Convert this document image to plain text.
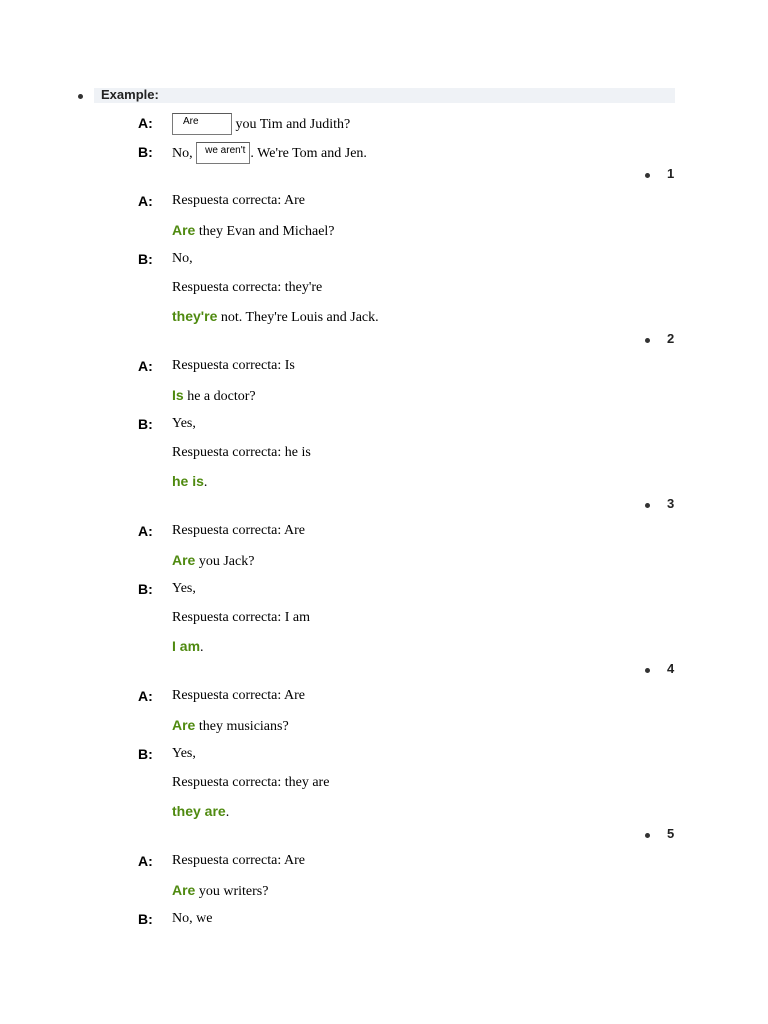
Example:
A:	Are	you Tim and Judith?
B: No, we aren't . We're Tom and Jen.
1
A: Respuesta correcta: Are
Are they Evan and Michael?
B: No,
Respuesta correcta: they're
they're not. They're Louis and Jack.
2
A: Respuesta correcta: Is
Is he a doctor?
B: Yes,
Respuesta correcta: he is
he is.
3
A: Respuesta correcta: Are
Are you Jack?
B: Yes,
Respuesta correcta: I am
I am.
4
A: Respuesta correcta: Are
Are they musicians?
B: Yes,
Respuesta correcta: they are
they are.
5
A: Respuesta correcta: Are
Are you writers?
B: No, we
